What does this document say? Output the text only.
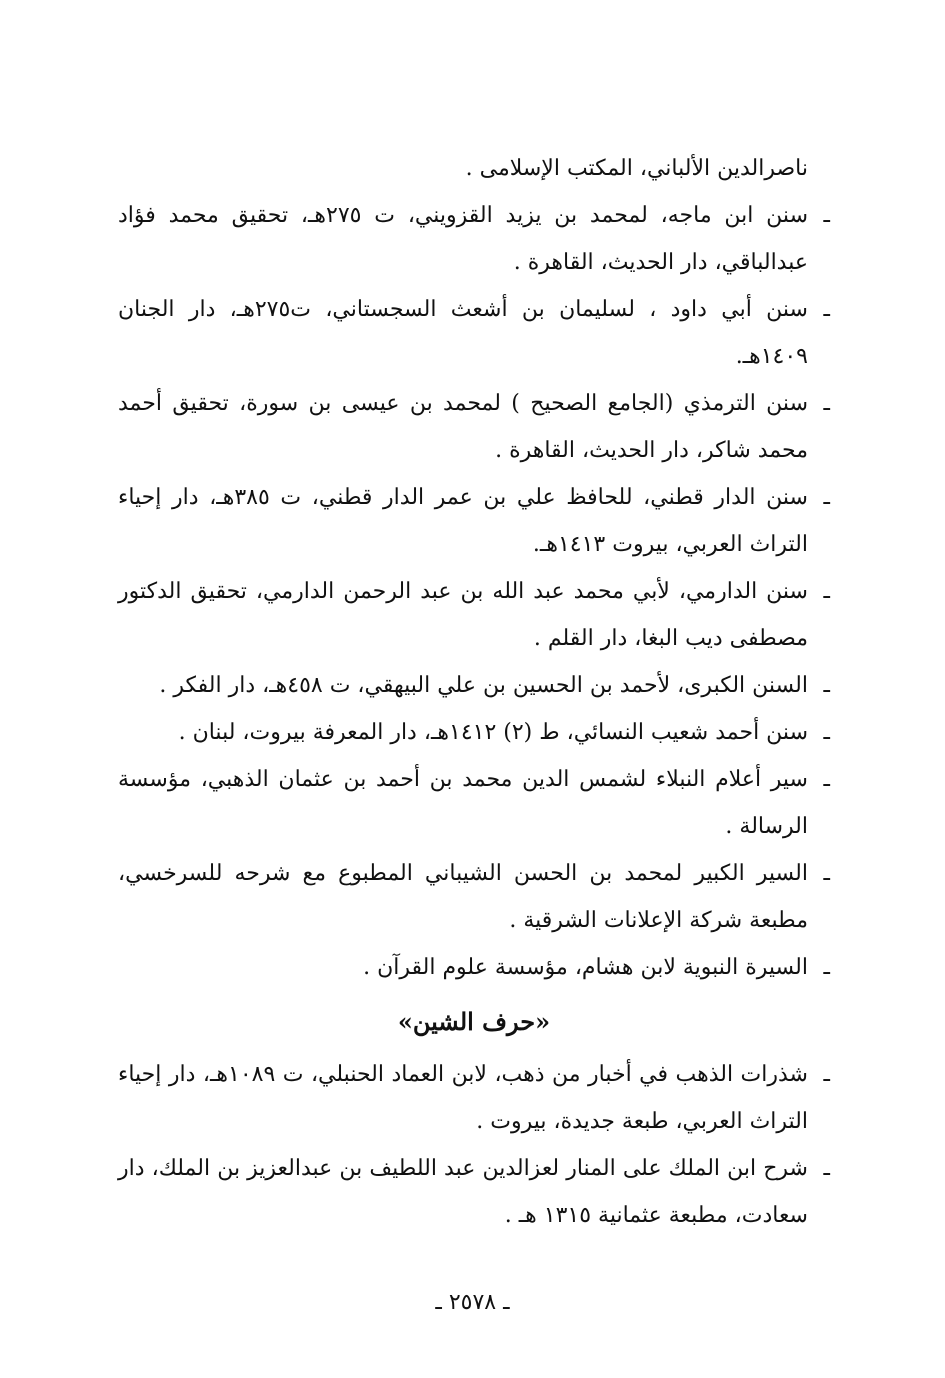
ناصرالدين الألباني، المكتب الإسلامى .
ـ
سنن ابن ماجه، لمحمد بن يزيد القزويني، ت ٢٧٥هـ، تحقيق محمد فؤاد عبدالباقي، دار الحديث، القاهرة .
ـ
سنن أبي داود ، لسليمان بن أشعث السجستاني، ت٢٧٥هـ، دار الجنان ١٤٠٩هـ.
ـ
سنن الترمذي (الجامع الصحيح ) لمحمد بن عيسى بن سورة، تحقيق أحمد محمد شاكر، دار الحديث، القاهرة .
ـ
سنن الدار قطني، للحافظ علي بن عمر الدار قطني، ت ٣٨٥هـ، دار إحياء التراث العربي، بيروت ١٤١٣هـ.
ـ
سنن الدارمي، لأبي محمد عبد الله بن عبد الرحمن الدارمي، تحقيق الدكتور مصطفى ديب البغا، دار القلم .
ـ
السنن الكبرى، لأحمد بن الحسين بن علي البيهقي، ت ٤٥٨هـ، دار الفكر .
ـ
سنن أحمد شعيب النسائي، ط (٢) ١٤١٢هـ، دار المعرفة بيروت، لبنان .
ـ
سير أعلام النبلاء لشمس الدين محمد بن أحمد بن عثمان الذهبي، مؤسسة الرسالة .
ـ
السير الكبير لمحمد بن الحسن الشيباني المطبوع مع شرحه للسرخسي، مطبعة شركة الإعلانات الشرقية .
ـ
السيرة النبوية لابن هشام، مؤسسة علوم القرآن .
«حرف الشين»
ـ
شذرات الذهب في أخبار من ذهب، لابن العماد الحنبلي، ت ١٠٨٩هـ، دار إحياء التراث العربي، طبعة جديدة، بيروت .
ـ
شرح ابن الملك على المنار لعزالدين عبد اللطيف بن عبدالعزيز بن الملك، دار سعادت، مطبعة عثمانية ١٣١٥ هـ .
ـ ٢٥٧٨ ـ
